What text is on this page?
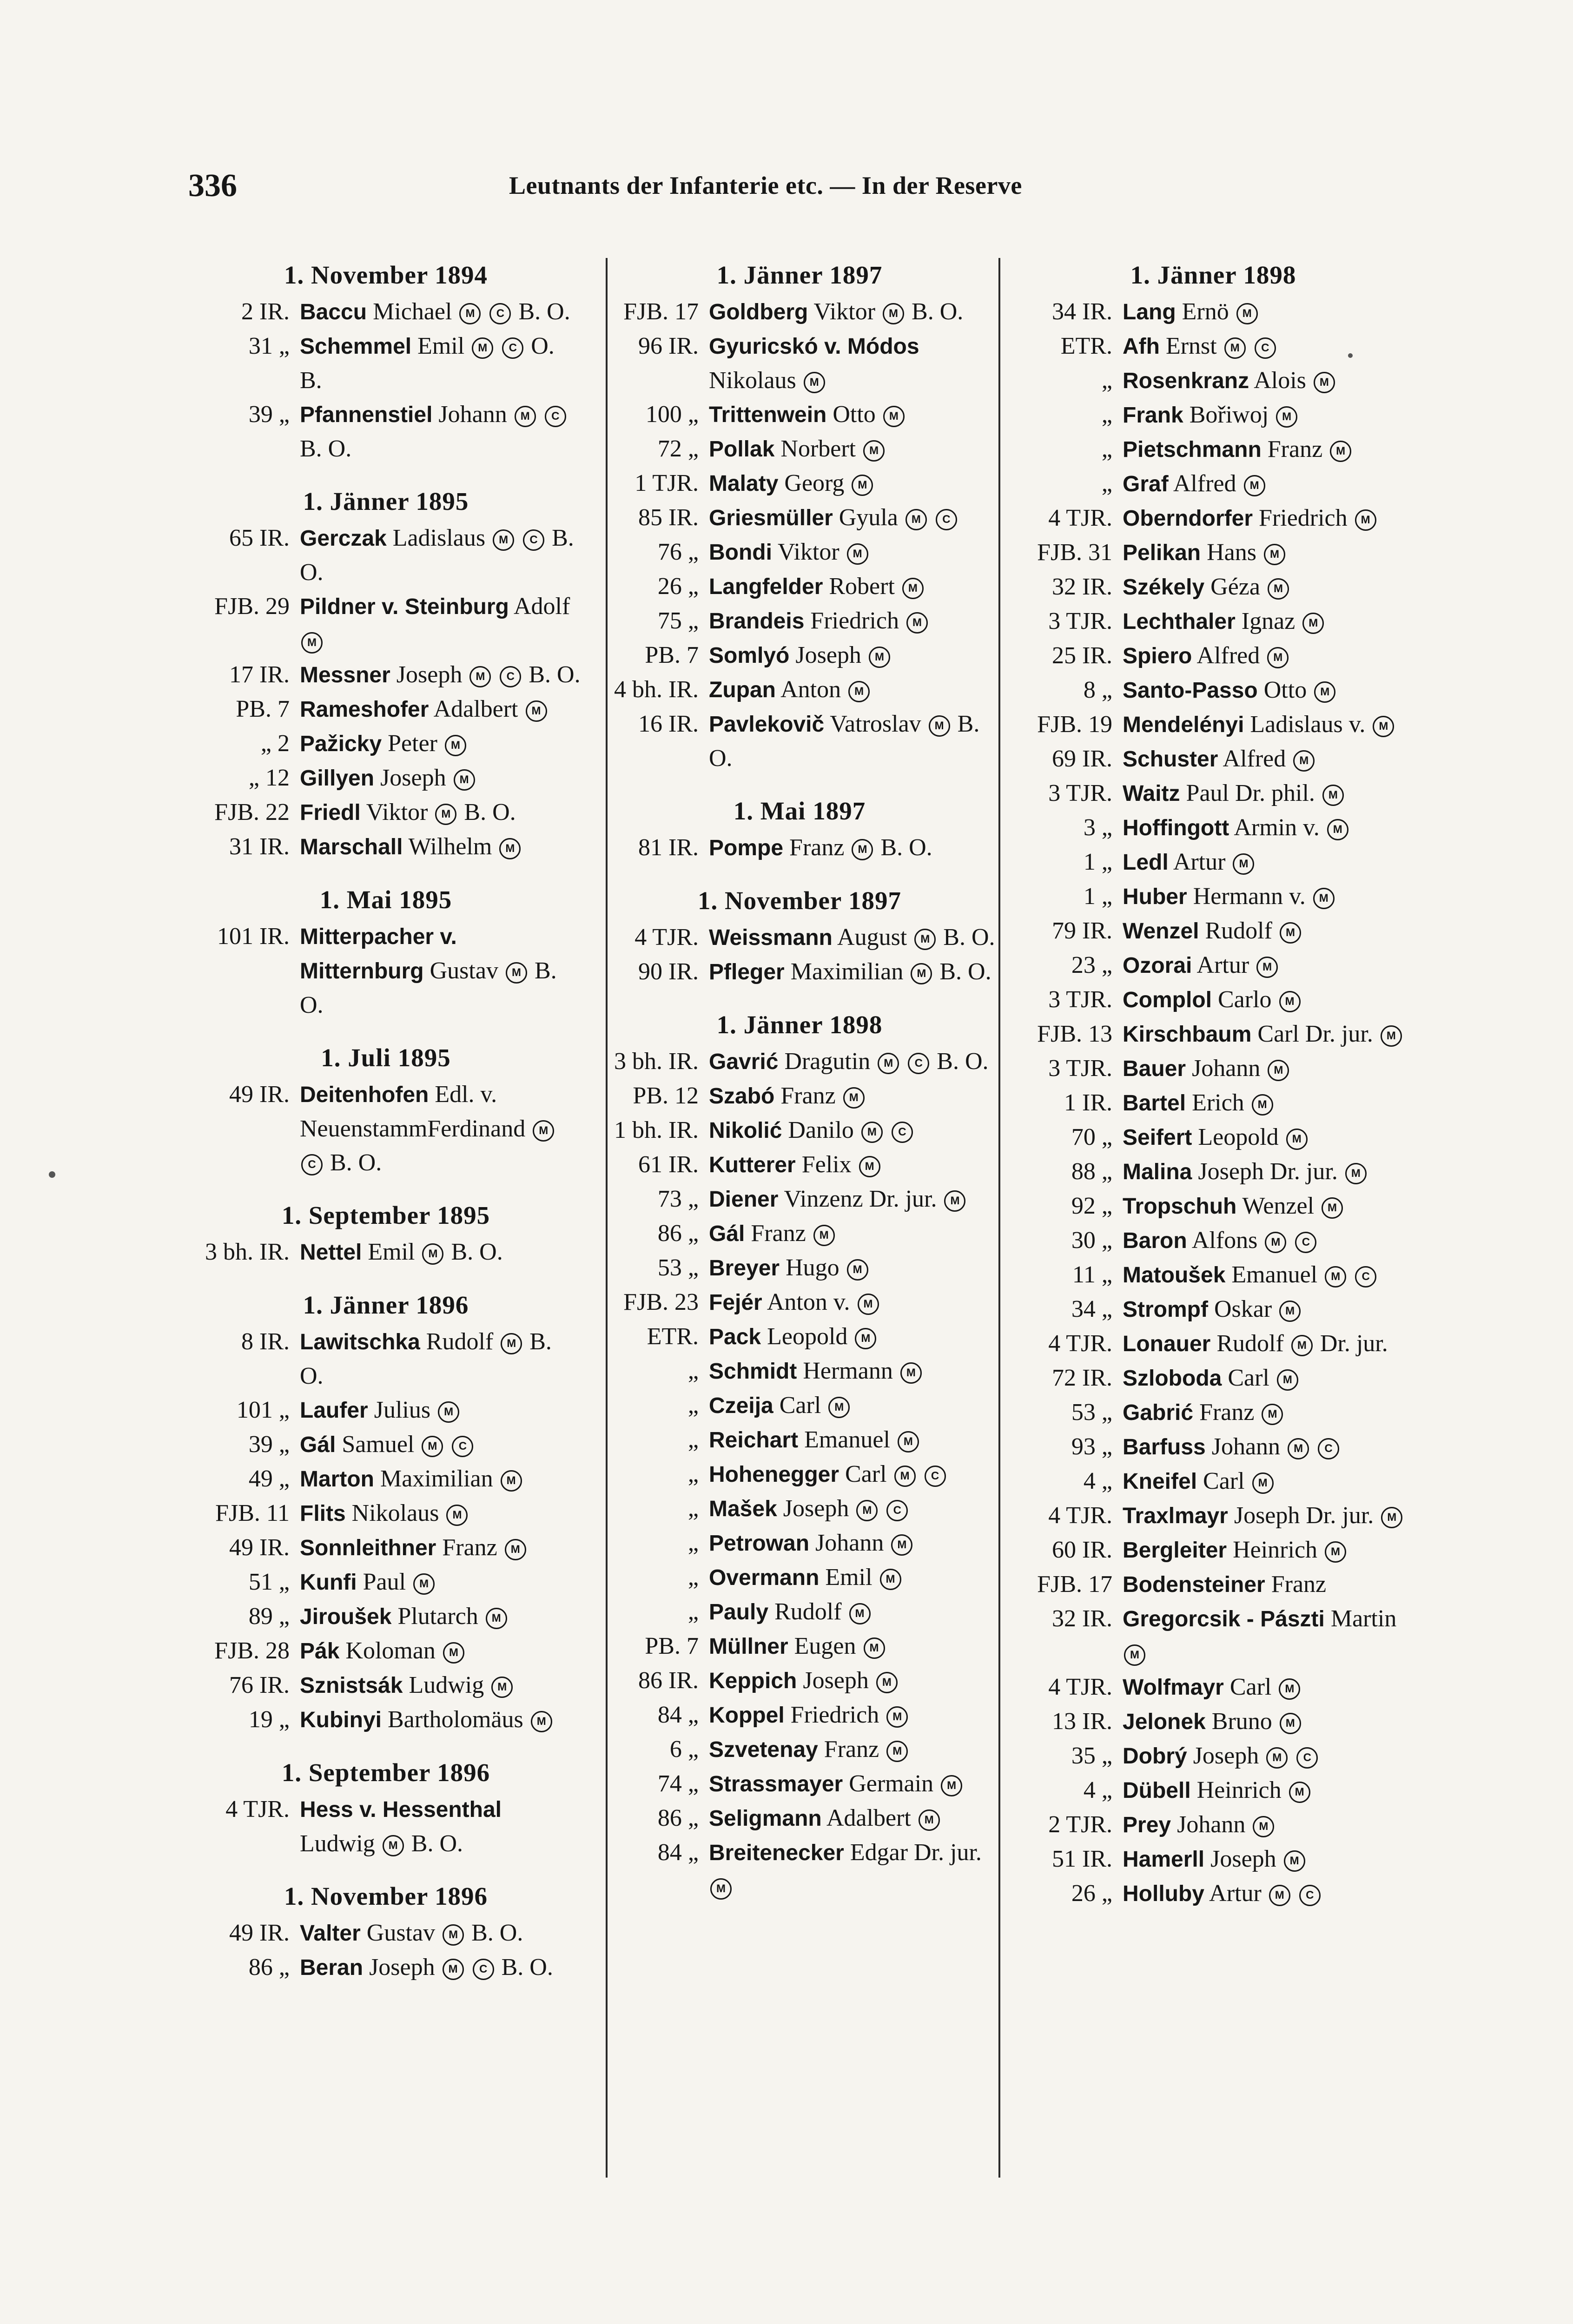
336	Leutnants der Infanterie etc. — In der Reserve
1. November 1894
2 IR. Baccu Michael M C B. O.
31 „ Schemmel Emil M C O. B.
39 „ Pfannenstiel Johann M C B. O.
1. Jänner 1895
65 IR. Gerczak Ladislaus M C B. O.
FJB. 29 Pildner v. Steinburg Adolf M
17 IR. Messner Joseph M C B. O.
PB. 7 Rameshofer Adalbert M
„ 2 Pažicky Peter M
„ 12 Gillyen Joseph M
FJB. 22 Friedl Viktor M B. O.
31 IR. Marschall Wilhelm M
1. Mai 1895
101 IR. Mitterpacher v. Mitternburg Gustav M B. O.
1. Juli 1895
49 IR. Deitenhofen Edl. v. NeuenstammFerdinand M C B. O.
1. September 1895
3 bh. IR. Nettel Emil M B. O.
1. Jänner 1896
8 IR. Lawitschka Rudolf M B. O.
101 „ Laufer Julius M
39 „ Gál Samuel M C
49 „ Marton Maximilian M
FJB. 11 Flits Nikolaus M
49 IR. Sonnleithner Franz M
51 „ Kunfi Paul M
89 „ Jiroušek Plutarch M
FJB. 28 Pák Koloman M
76 IR. Sznistsák Ludwig M
19 „ Kubinyi Bartholomäus M
1. September 1896
4 TJR. Hess v. Hessenthal Ludwig M B. O.
1. November 1896
49 IR. Valter Gustav M B. O.
86 „ Beran Joseph M C B. O.
1. Jänner 1897
FJB. 17 Goldberg Viktor M B. O.
96 IR. Gyuricskó v. Módos Nikolaus M
100 „ Trittenwein Otto M
72 „ Pollak Norbert M
1 TJR. Malaty Georg M
85 IR. Griesmüller Gyula M C
76 „ Bondi Viktor M
26 „ Langfelder Robert M
75 „ Brandeis Friedrich M
PB. 7 Somlyó Joseph M
4 bh. IR. Zupan Anton M
16 IR. Pavlekovič Vatroslav M B. O.
1. Mai 1897
81 IR. Pompe Franz M B. O.
1. November 1897
4 TJR. Weissmann August M B. O.
90 IR. Pfleger Maximilian M B. O.
1. Jänner 1898
3 bh. IR. Gavrić Dragutin M C B. O.
PB. 12 Szabó Franz M
1 bh. IR. Nikolić Danilo M C
61 IR. Kutterer Felix M
73 „ Diener Vinzenz Dr. jur. M
86 „ Gál Franz M
53 „ Breyer Hugo M
FJB. 23 Fejér Anton v. M
ETR. Pack Leopold M
„ Schmidt Hermann M
„ Czeija Carl M
„ Reichart Emanuel M
„ Hohenegger Carl M C
„ Mašek Joseph M C
„ Petrowan Johann M
„ Overmann Emil M
„ Pauly Rudolf M
PB. 7 Müllner Eugen M
86 IR. Keppich Joseph M
84 „ Koppel Friedrich M
6 „ Szvetenay Franz M
74 „ Strassmayer Germain M
86 „ Seligmann Adalbert M
84 „ Breitenecker Edgar Dr. jur. M
1. Jänner 1898
34 IR. Lang Ernö M
ETR. Afh Ernst M C
„ Rosenkranz Alois M
„ Frank Bořiwoj M
„ Pietschmann Franz M
„ Graf Alfred M
4 TJR. Oberndorfer Friedrich M
FJB. 31 Pelikan Hans M
32 IR. Székely Géza M
3 TJR. Lechthaler Ignaz M
25 IR. Spiero Alfred M
8 „ Santo-Passo Otto M
FJB. 19 Mendelényi Ladislaus v. M
69 IR. Schuster Alfred M
3 TJR. Waitz Paul Dr. phil. M
3 „ Hoffingott Armin v. M
1 „ Ledl Artur M
1 „ Huber Hermann v. M
79 IR. Wenzel Rudolf M
23 „ Ozorai Artur M
3 TJR. Complol Carlo M
FJB. 13 Kirschbaum Carl Dr. jur. M
3 TJR. Bauer Johann M
1 IR. Bartel Erich M
70 „ Seifert Leopold M
88 „ Malina Joseph Dr. jur. M
92 „ Tropschuh Wenzel M
30 „ Baron Alfons M C
11 „ Matoušek Emanuel M C
34 „ Strompf Oskar M
4 TJR. Lonauer Rudolf M Dr. jur.
72 IR. Szloboda Carl M
53 „ Gabrić Franz M
93 „ Barfuss Johann M C
4 „ Kneifel Carl M
4 TJR. Traxlmayr Joseph Dr. jur. M
60 IR. Bergleiter Heinrich M
FJB. 17 Bodensteiner Franz
32 IR. Gregorcsik - Pászti Martin M
4 TJR. Wolfmayr Carl M
13 IR. Jelonek Bruno M
35 „ Dobrý Joseph M C
4 „ Dübell Heinrich M
2 TJR. Prey Johann M
51 IR. Hamerll Joseph M
26 „ Holluby Artur M C
